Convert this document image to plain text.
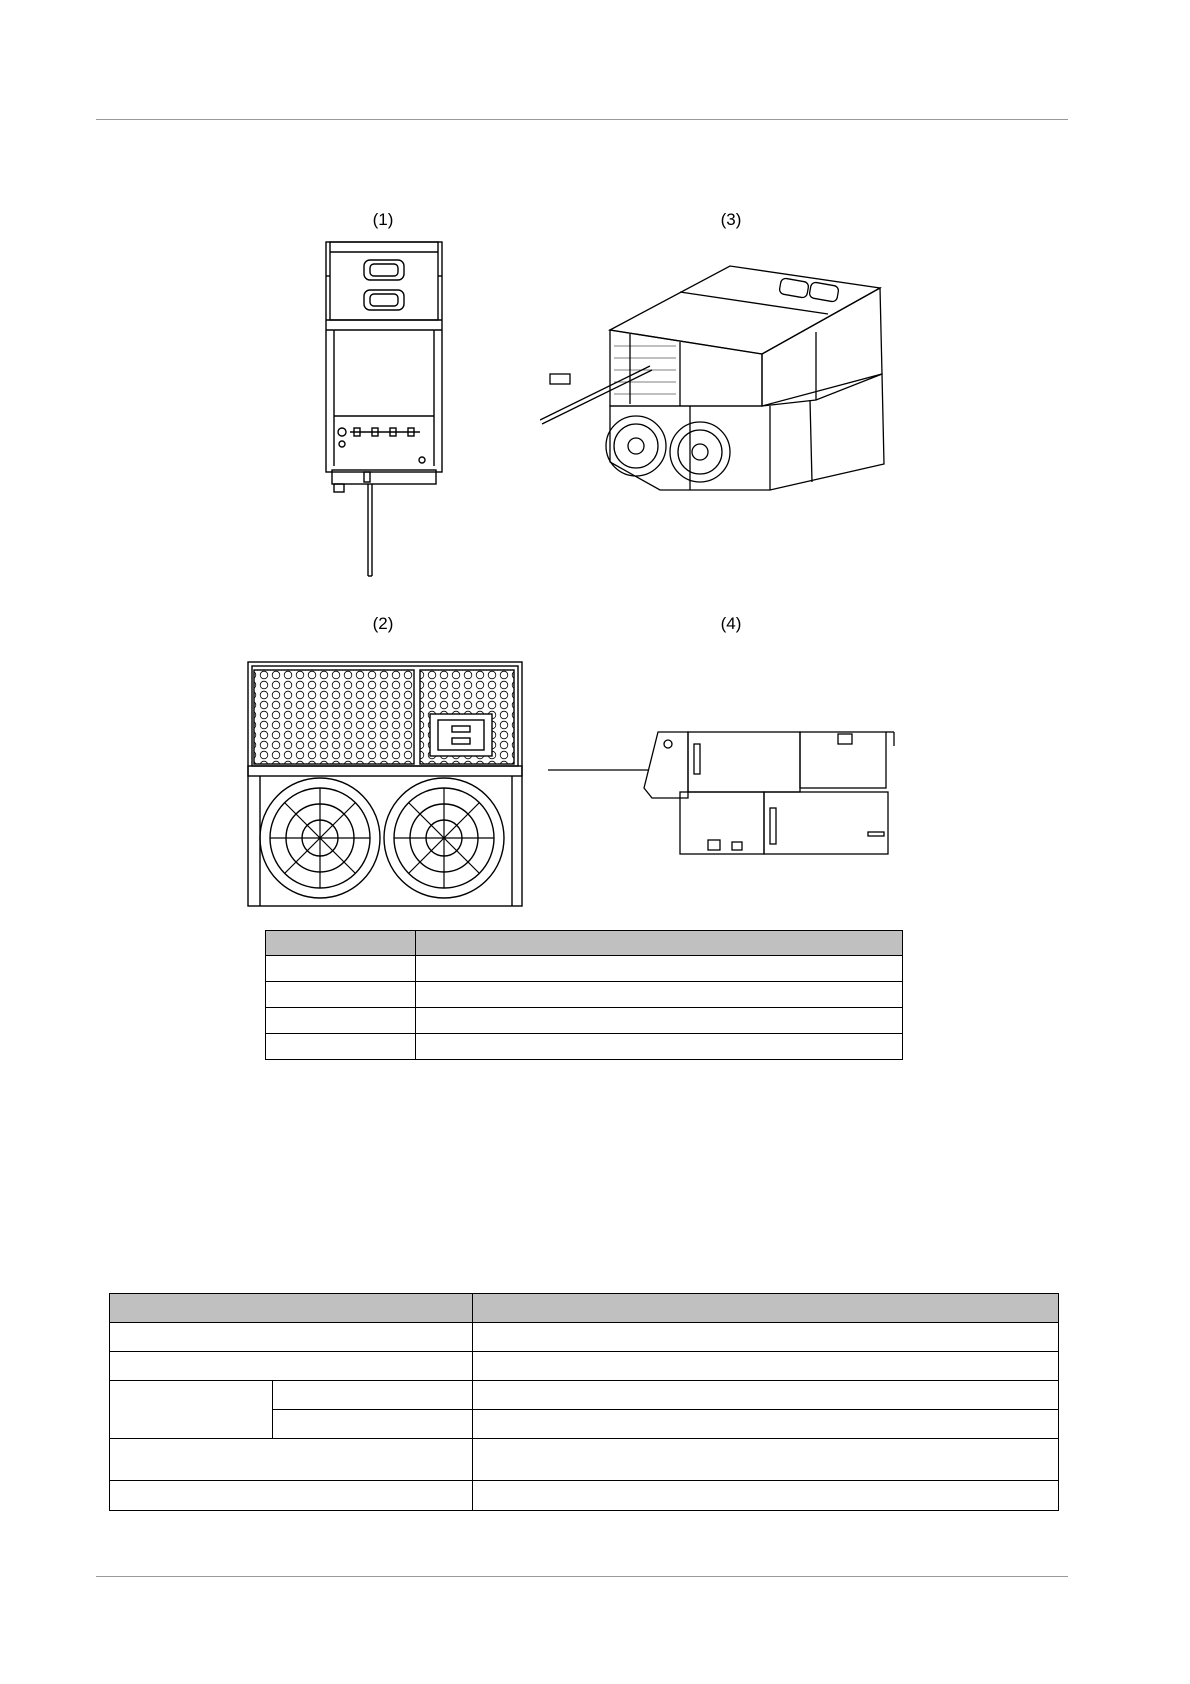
(1)	(3)
(2)	(4)
